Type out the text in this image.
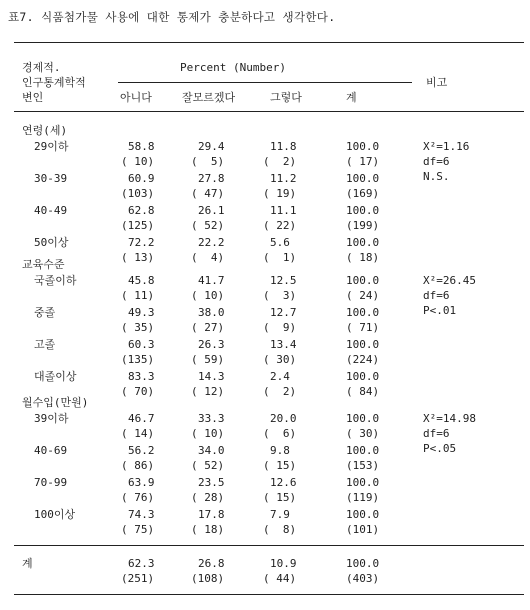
표7. 식품첨가물 사용에 대한 통제가 충분하다고 생각한다.
경제적.
인구통계학적
변인
Percent (Number)
비고
아니다	잘모르겠다	그렇다	계
연령(세)
29이하	58.8	29.4	11.8	100.0
( 10)	(  5)	(  2)	( 17)
30-39	60.9	27.8	11.2	100.0
(103)	( 47)	( 19)	(169)
40-49	62.8	26.1	11.1	100.0
(125)	( 52)	( 22)	(199)
50이상	72.2	22.2	5.6	100.0
( 13)	(  4)	(  1)	( 18)
X²=1.16
df=6
N.S.
교육수준
국졸이하	45.8	41.7	12.5	100.0
( 11)	( 10)	(  3)	( 24)
중졸	49.3	38.0	12.7	100.0
( 35)	( 27)	(  9)	( 71)
고졸	60.3	26.3	13.4	100.0
(135)	( 59)	( 30)	(224)
대졸이상	83.3	14.3	2.4	100.0
( 70)	( 12)	(  2)	( 84)
X²=26.45
df=6
P<.01
월수입(만원)
39이하	46.7	33.3	20.0	100.0
( 14)	( 10)	(  6)	( 30)
40-69	56.2	34.0	9.8	100.0
( 86)	( 52)	( 15)	(153)
70-99	63.9	23.5	12.6	100.0
( 76)	( 28)	( 15)	(119)
100이상	74.3	17.8	7.9	100.0
( 75)	( 18)	(  8)	(101)
X²=14.98
df=6
P<.05
계	62.3	26.8	10.9	100.0
(251)	(108)	( 44)	(403)
